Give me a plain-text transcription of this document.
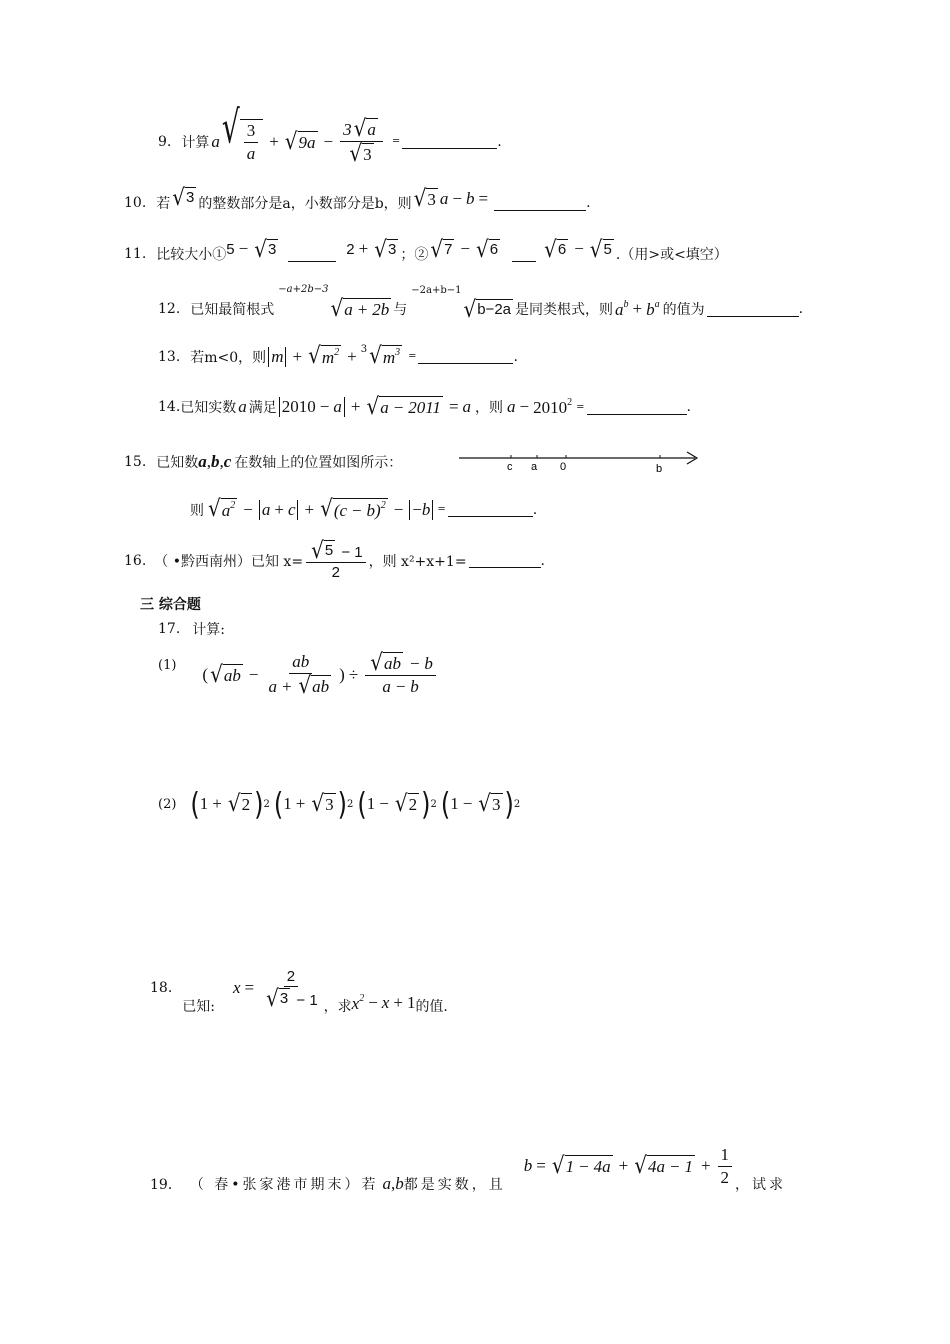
9. 计算 a √ $\frac{3}{a}$ + √ $9a - \frac{3 √ a}{√ 3}$ =	.
10. 若 √ 3 的整数部分是a，小数部分是b，则 √ 3 a − b =	.
11. 比较大小① 5 − √ 3	2 + √ 3 ；② √ 7 − √ 6 √ 6 − √ 5 .（用>或<填空）
12. 已知最简根式
−a+2b−3
√ a + 2b 与
−2a+b−1
√ b−2a 是同类根式，则 $a^b + b^a$ 的值为	.
13. 若m<0，则 m + √ $m^2 + 3$ √ $m^3$ =	.
14. 已知实数 a 满足 2010 − a + √ a − 2011 = a ，则 $a - 2010^2$ =	.
15. 已知数 a , b , c 在数轴上的位置如图所示：	c a 0	b
则 √ $a^2 - a + c$ + √ $(c - b)^2$ − − b =	.
16. （ •黔西南州）已知 $x= \frac{√ 5 - 1}{2}$ ，则 x²+x+1=	.
三 综合题
17. 计算:
(1) ( √ ab − $\frac{ab}{a + √ ab}$ ) ÷ $\frac{√ ab - b}{a - b}$
(2) ( 1 + √ 2 ) 2 ( 1 + √ 3 ) 2 ( 1 − √ 2 ) 2 ( 1 − √ 3 ) 2
18.
已知:
$x = \frac{2}{√ 3 - 1}$ ，求 $x^2 - x + 1$ 的值.
19． （ 春•张家港市期末）若 a , b 都是实数，且
b = √ 1 − 4a + √ $4a - 1 + \frac{1}{2}$ ，试求
